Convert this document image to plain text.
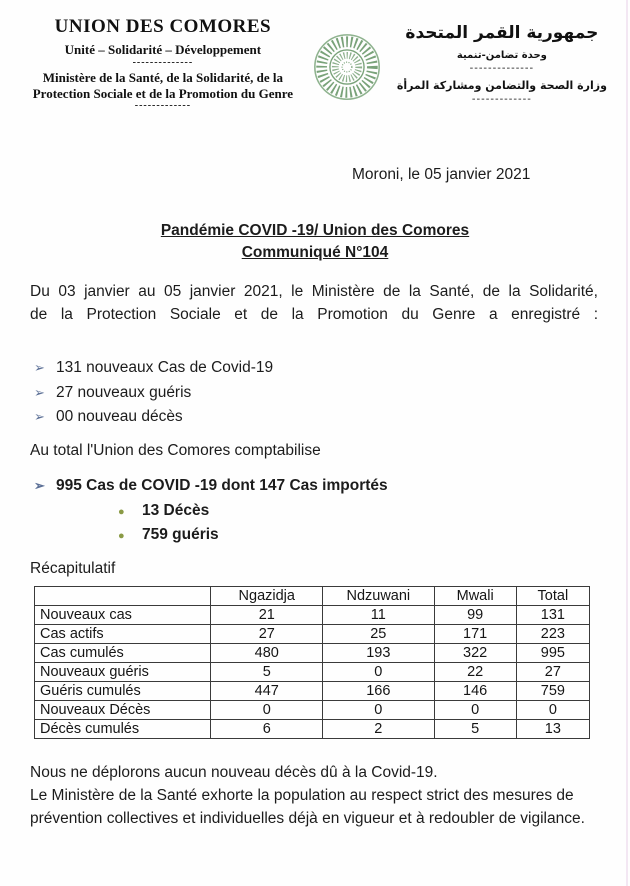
UNION DES COMORES
Unité – Solidarité – Développement
--------------
Ministère de la Santé, de la Solidarité, de la
Protection Sociale et de la Promotion du Genre
-------------
جمهورية القمر المتحدة
وحدة تضامن-تنمية
--------------
وزارة الصحة والتضامن ومشاركة المرأة
-------------
Moroni, le 05 janvier 2021
Pandémie COVID -19/ Union des Comores
Communiqué N°104
Du 03 janvier au 05 janvier 2021, le Ministère de la Santé, de la Solidarité, de la Protection Sociale et de la Promotion du Genre a enregistré :
➢ 131 nouveaux Cas de Covid-19
➢ 27 nouveaux guéris
➢ 00 nouveau décès
Au total l'Union des Comores comptabilise
➢ 995 Cas de COVID -19 dont 147 Cas importés
● 13 Décès
● 759 guéris
Récapitulatif
	Ngazidja	Ndzuwani	Mwali	Total
Nouveaux cas	21	11	99	131
Cas actifs	27	25	171	223
Cas cumulés	480	193	322	995
Nouveaux guéris	5	0	22	27
Guéris cumulés	447	166	146	759
Nouveaux Décès	0	0	0	0
Décès cumulés	6	2	5	13
Nous ne déplorons aucun nouveau décès dû à la Covid-19.
Le Ministère de la Santé exhorte la population au respect strict des mesures de prévention collectives et individuelles déjà en vigueur et à redoubler de vigilance.
